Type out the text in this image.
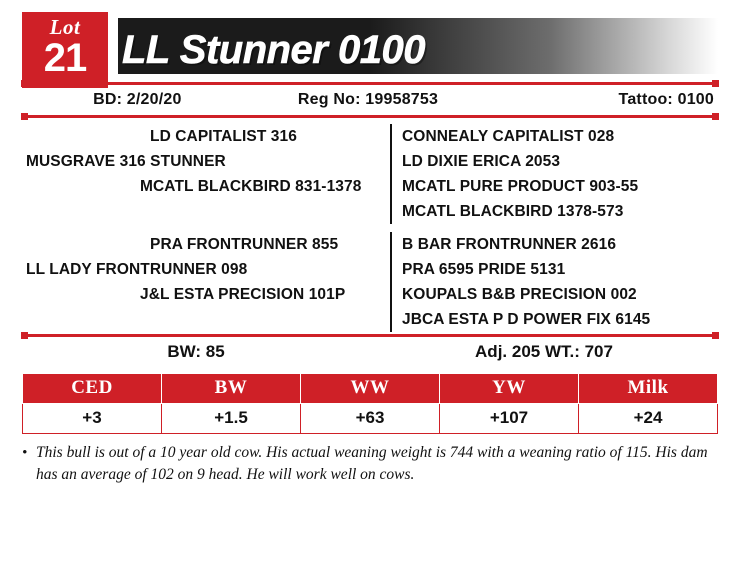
Lot
21 LL Stunner 0100
BD: 2/20/20	Reg No: 19958753	Tattoo: 0100
LD CAPITALIST 316
MUSGRAVE 316 STUNNER
MCATL BLACKBIRD 831-1378
CONNEALY CAPITALIST 028
LD DIXIE ERICA 2053
MCATL PURE PRODUCT 903-55
MCATL BLACKBIRD 1378-573
PRA FRONTRUNNER 855
LL LADY FRONTRUNNER 098
J&L ESTA PRECISION 101P
B BAR FRONTRUNNER 2616
PRA 6595 PRIDE 5131
KOUPALS B&B PRECISION 002
JBCA ESTA P D POWER FIX 6145
BW: 85	Adj. 205 WT.: 707
CED	BW	WW	YW	Milk
+3	+1.5	+63	+107	+24
• This bull is out of a 10 year old cow. His actual weaning weight is 744 with a weaning ratio of 115. His dam has an average of 102 on 9 head. He will work well on cows.
